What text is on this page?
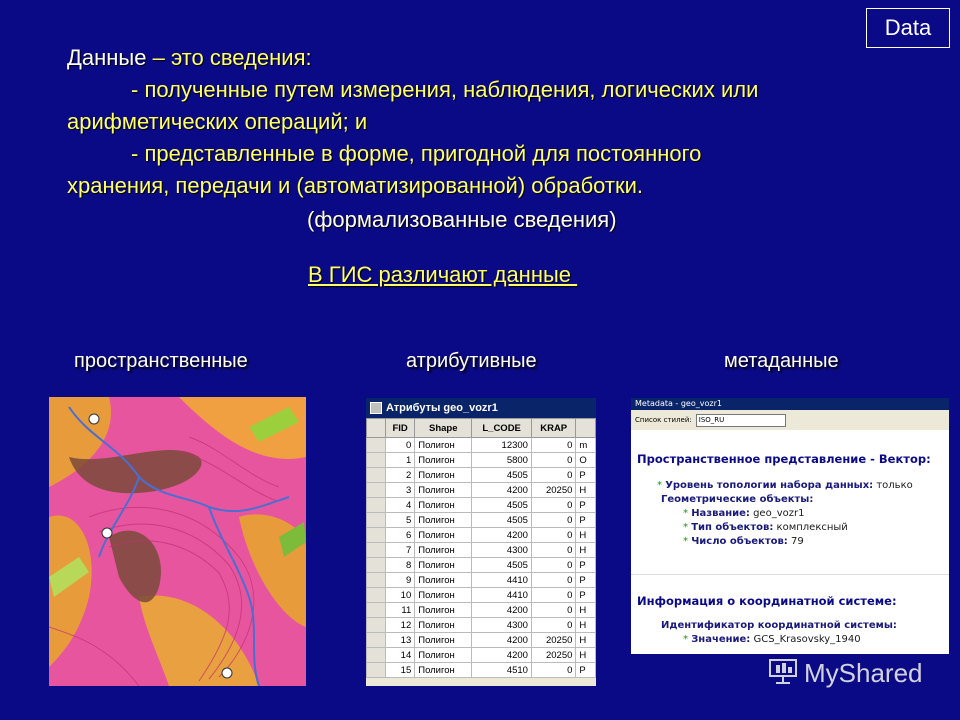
Data
Данные – это сведения:
- полученные путем измерения, наблюдения, логических или
арифметических операций; и
- представленные в форме, пригодной для постоянного
хранения, передачи и (автоматизированной) обработки.
(формализованные сведения)
В ГИС различают данные
пространственные	атрибутивные	метаданные
Атрибуты geo_vozr1
	FID	Shape	L_CODE	KRAP	
	0	Полигон	12300	0	m
	1	Полигон	5800	0	O
	2	Полигон	4505	0	P
	3	Полигон	4200	20250	H
	4	Полигон	4505	0	P
	5	Полигон	4505	0	P
	6	Полигон	4200	0	H
	7	Полигон	4300	0	H
	8	Полигон	4505	0	P
	9	Полигон	4410	0	P
	10	Полигон	4410	0	P
	11	Полигон	4200	0	H
	12	Полигон	4300	0	H
	13	Полигон	4200	20250	H
	14	Полигон	4200	20250	H
	15	Полигон	4510	0	P
Metadata - geo_vozr1
Список стилей:	ISO_RU
Пространственное представление - Вектор:
* Уровень топологии набора данных: только
Геометрические объекты:
* Название: geo_vozr1
* Тип объектов: комплексный
* Число объектов: 79
Информация о координатной системе:
Идентификатор координатной системы:
* Значение: GCS_Krasovsky_1940
MyShared
